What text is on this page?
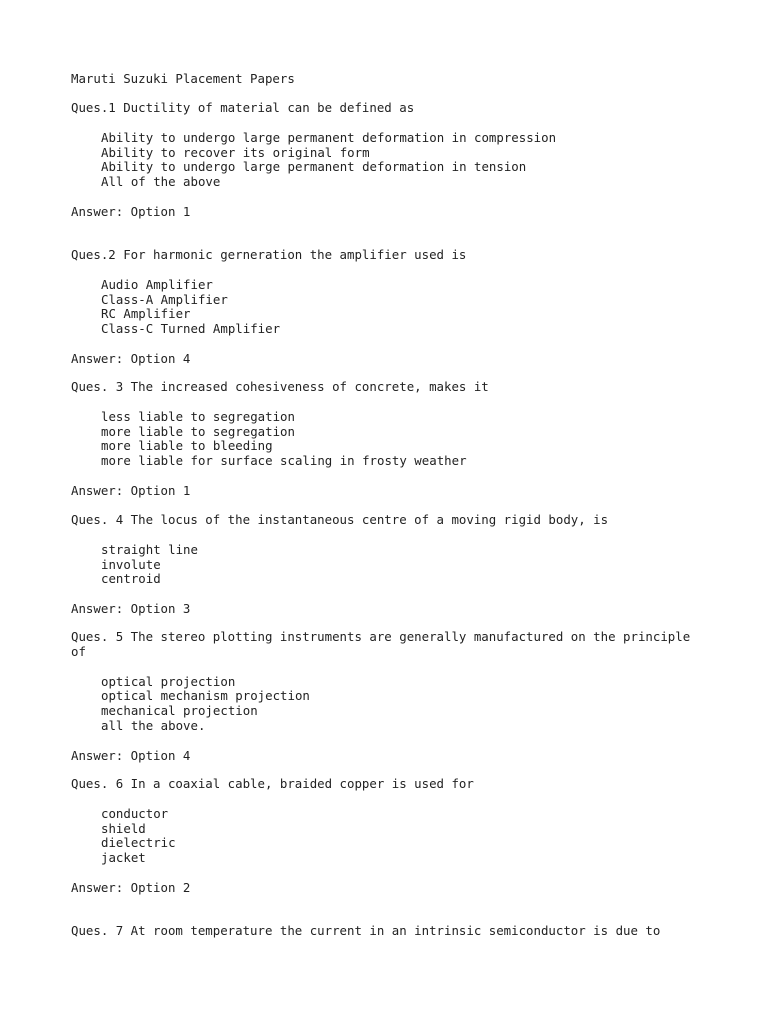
Maruti Suzuki Placement Papers
Ques.1 Ductility of material can be defined as
Ability to undergo large permanent deformation in compression
Ability to recover its original form
Ability to undergo large permanent deformation in tension
All of the above
Answer: Option 1
Ques.2 For harmonic gerneration the amplifier used is
Audio Amplifier
Class-A Amplifier
RC Amplifier
Class-C Turned Amplifier
Answer: Option 4
Ques. 3 The increased cohesiveness of concrete, makes it
less liable to segregation
more liable to segregation
more liable to bleeding
more liable for surface scaling in frosty weather
Answer: Option 1
Ques. 4 The locus of the instantaneous centre of a moving rigid body, is
straight line
involute
centroid
Answer: Option 3
Ques. 5 The stereo plotting instruments are generally manufactured on the principle
of
optical projection
optical mechanism projection
mechanical projection
all the above.
Answer: Option 4
Ques. 6 In a coaxial cable, braided copper is used for
conductor
shield
dielectric
jacket
Answer: Option 2
Ques. 7 At room temperature the current in an intrinsic semiconductor is due to
